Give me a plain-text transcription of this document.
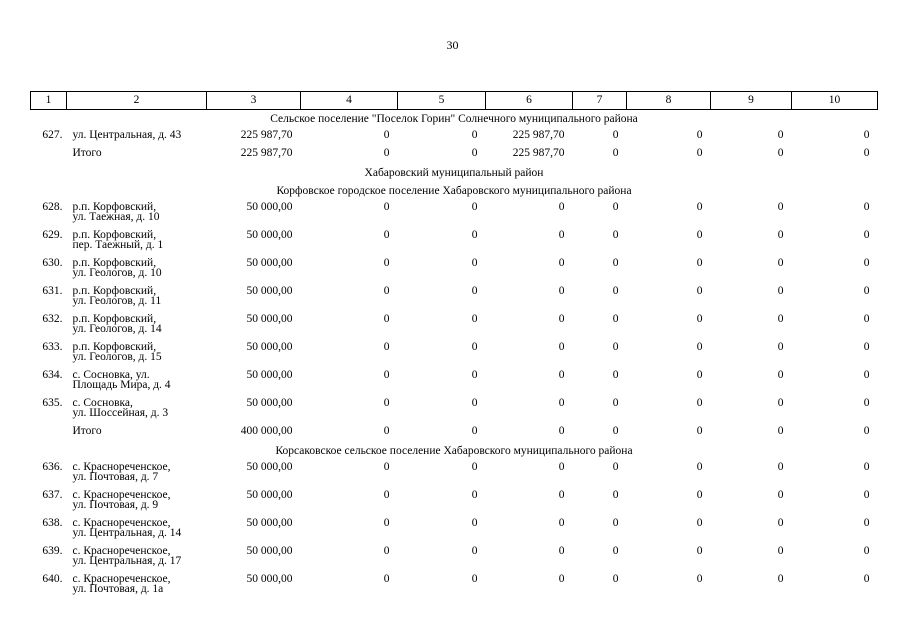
30
1	2	3	4	5	6	7	8	9	10
Сельское поселение "Поселок Горин" Солнечного муниципального района									
627.	ул. Центральная, д. 43	225 987,70	0	0	225 987,70	0	0	0	0

	Итого	225 987,70	0	0	225 987,70	0	0	0	0
Хабаровский муниципальный район									
Корфовское городское поселение Хабаровского муниципального района									
628.	р.п. Корфовский,
ул. Таежная, д. 10	50 000,00	0	0	0	0	0	0	0
629.	р.п. Корфовский,
пер. Таежный, д. 1	50 000,00	0	0	0	0	0	0	0
630.	р.п. Корфовский,
ул. Геологов, д. 10	50 000,00	0	0	0	0	0	0	0
631.	р.п. Корфовский,
ул. Геологов, д. 11	50 000,00	0	0	0	0	0	0	0
632.	р.п. Корфовский,
ул. Геологов, д. 14	50 000,00	0	0	0	0	0	0	0
633.	р.п. Корфовский,
ул. Геологов, д. 15	50 000,00	0	0	0	0	0	0	0
634.	с. Сосновка, ул.
Площадь Мира, д. 4	50 000,00	0	0	0	0	0	0	0
635.	с. Сосновка,
ул. Шоссейная, д. 3	50 000,00	0	0	0	0	0	0	0

	Итого	400 000,00	0	0	0	0	0	0	0
Корсаковское сельское поселение Хабаровского муниципального района									
636.	с. Краснореченское,
ул. Почтовая, д. 7	50 000,00	0	0	0	0	0	0	0
637.	с. Краснореченское,
ул. Почтовая, д. 9	50 000,00	0	0	0	0	0	0	0
638.	с. Краснореченское,
ул. Центральная, д. 14	50 000,00	0	0	0	0	0	0	0
639.	с. Краснореченское,
ул. Центральная, д. 17	50 000,00	0	0	0	0	0	0	0
640.	с. Краснореченское,
ул. Почтовая, д. 1а	50 000,00	0	0	0	0	0	0	0
